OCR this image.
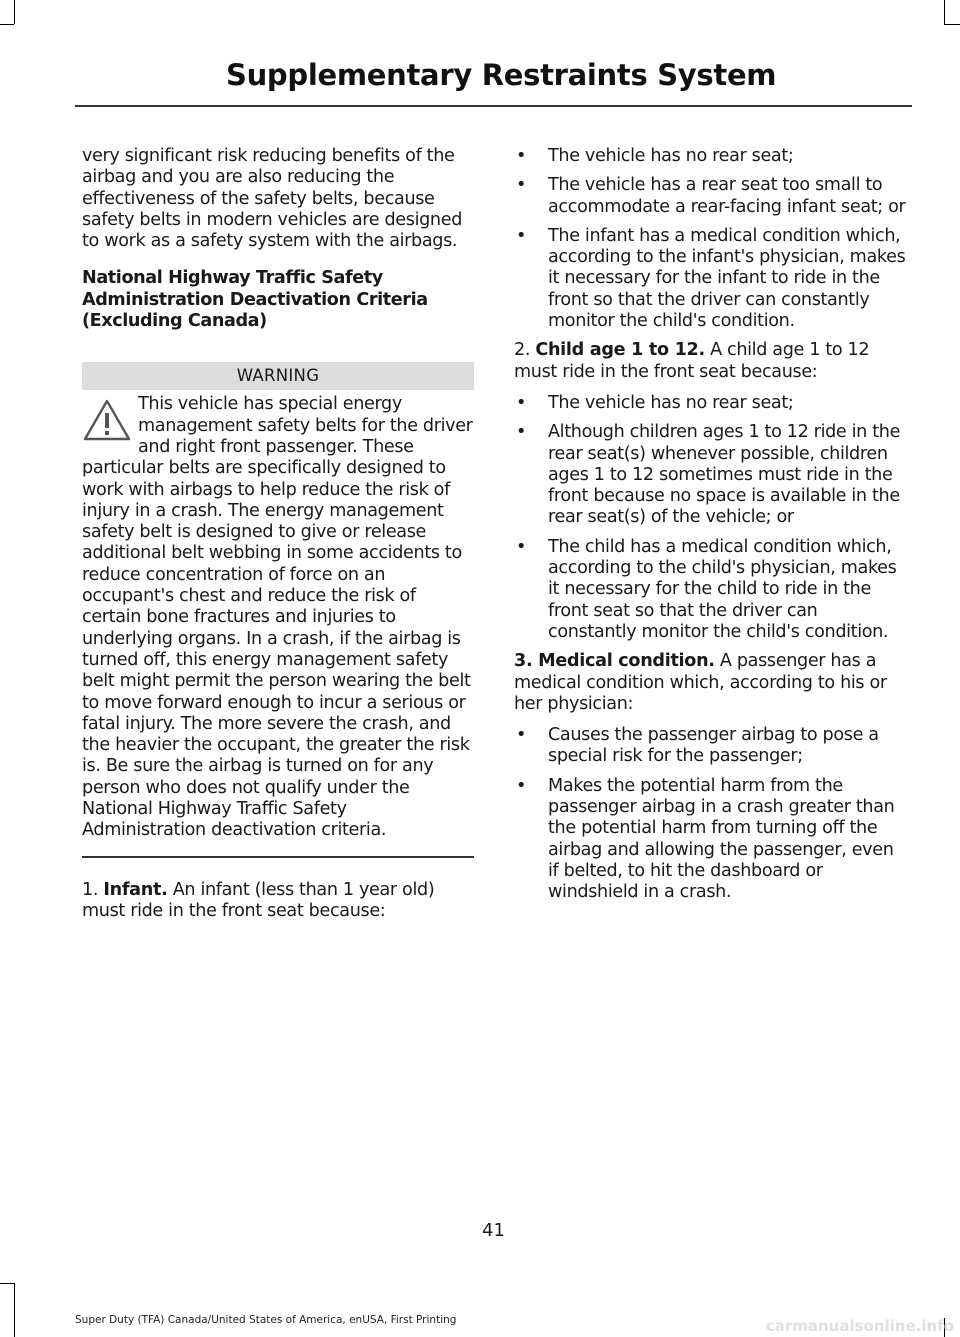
Supplementary Restraints System

very significant risk reducing benefits of the airbag and you are also reducing the effectiveness of the safety belts, because safety belts in modern vehicles are designed to work as a safety system with the airbags.

National Highway Traffic Safety Administration Deactivation Criteria (Excluding Canada)
WARNING
This vehicle has special energy management safety belts for the driver and right front passenger. These particular belts are specifically designed to work with airbags to help reduce the risk of injury in a crash. The energy management safety belt is designed to give or release additional belt webbing in some accidents to reduce concentration of force on an occupant's chest and reduce the risk of certain bone fractures and injuries to underlying organs. In a crash, if the airbag is turned off, this energy management safety belt might permit the person wearing the belt to move forward enough to incur a serious or fatal injury. The more severe the crash, and the heavier the occupant, the greater the risk is. Be sure the airbag is turned on for any person who does not qualify under the National Highway Traffic Safety Administration deactivation criteria.

1. Infant. An infant (less than 1 year old) must ride in the front seat because:

• The vehicle has no rear seat;
• The vehicle has a rear seat too small to accommodate a rear-facing infant seat; or
• The infant has a medical condition which, according to the infant's physician, makes it necessary for the infant to ride in the front so that the driver can constantly monitor the child's condition.

2. Child age 1 to 12. A child age 1 to 12 must ride in the front seat because:

• The vehicle has no rear seat;
• Although children ages 1 to 12 ride in the rear seat(s) whenever possible, children ages 1 to 12 sometimes must ride in the front because no space is available in the rear seat(s) of the vehicle; or
• The child has a medical condition which, according to the child's physician, makes it necessary for the child to ride in the front seat so that the driver can constantly monitor the child's condition.

3. Medical condition. A passenger has a medical condition which, according to his or her physician:

• Causes the passenger airbag to pose a special risk for the passenger;
• Makes the potential harm from the passenger airbag in a crash greater than the potential harm from turning off the airbag and allowing the passenger, even if belted, to hit the dashboard or windshield in a crash.
41
Super Duty (TFA) Canada/United States of America, enUSA, First Printing	carmanualsonline.info
